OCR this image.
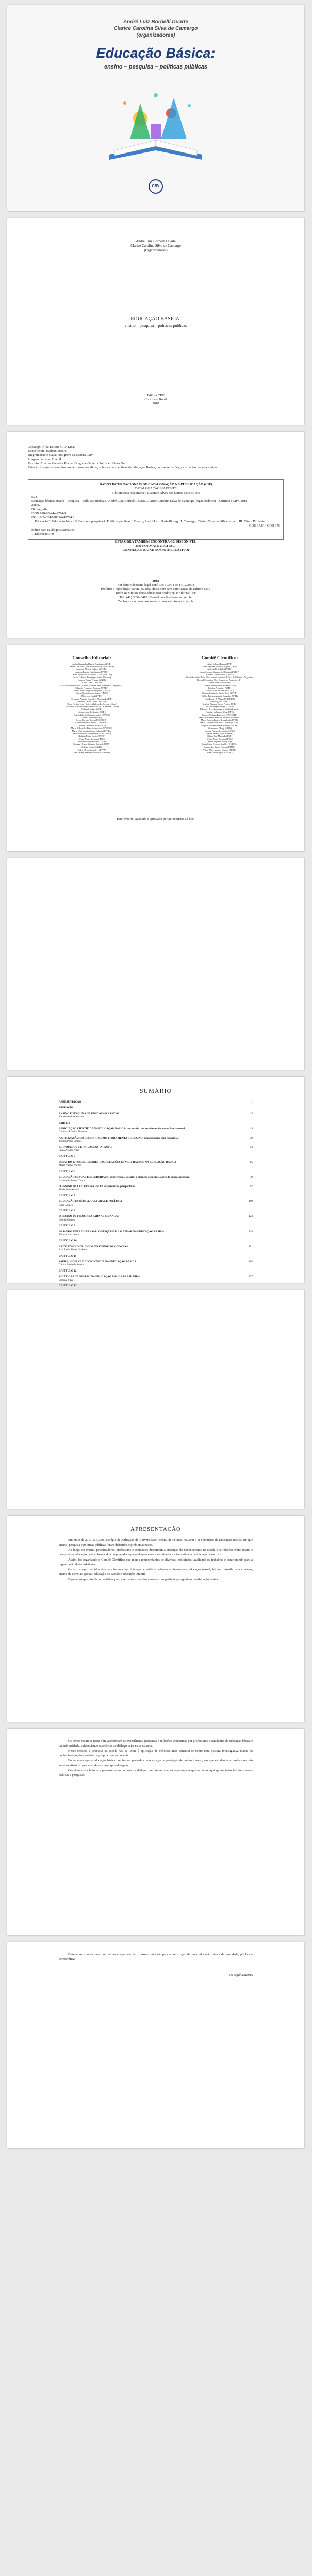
André Luiz Borhelli Duarte
Clarice Carolina Silva de Camargo
(organizadores)
Educação Básica:
ensino – pesquisa – políticas públicas
CRV
André Luiz Borhelli Duarte
Clarice Carolina Silva de Camargo
(Organizadores)
EDUCAÇÃO BÁSICA:
ensino – pesquisa – políticas públicas
Editora CRV
Curitiba – Brasil
2018
Copyright © da Editora CRV Ltda.
Editor-chefe: Railson Moura
Diagramação e Capa: Designers da Editora CRV
Imagem de capa: Freepik
Revisão: Analisa Marcella Rocha, Diego de Oliveira Souza e Helena Geliliz
Estes textos que se combinaram de forma grandiosa, sobre as perspectivas da Educação Básica, com as reflexões, as experiências e pesquisas.
DADOS INTERNACIONAIS DE CATALOGAÇÃO NA PUBLICAÇÃO (CIP)
CATALOGAÇÃO NA FONTE
Bibliotecária responsável: Luzenira Alves dos Santos CRB9/1506
E24
Educação básica: ensino – pesquisa – políticas públicas / André Luiz Borhelli Duarte, Clarice Carolina Silva de Camargo (organizadores) – Curitiba : CRV, 2018.
238 p.
Bibliografia
ISBN 978-85-444-2794-9
DOI 10.24824/978854442794.9
1. Educação 2. Educação básica 3. Ensino – pesquisa 4. Políticas públicas I. Duarte, André Luiz Borhelli. org. II. Camargo, Clarice Carolina Silva de. org. III. Título IV. Série.
CDU 37.014 CDD 370
Índice para catálogo sistemático
1. Educação 370
ESTA OBRA TAMBÉM ENCONTRA-SE DISPONÍVEL
EM FORMATO DIGITAL.
CONHEÇA E BAIXE NOSSO APLICATIVO!
2018
Foi feito o depósito legal conf. Lei 10.994 de 14/12/2004
Proibida a reprodução parcial ou total desta obra sem autorização da Editora CRV
Todos os direitos desta edição reservados pela: Editora CRV
Tel.: (41) 3039-6418 - E-mail: sac@editoracrv.com.br
Conheça os nossos lançamentos: www.editoracrv.com.br
Conselho Editorial:
Aldira Guimarães Duarte Domínguez (UNB)
Andréia da Silva Quintanilha Sousa (UNIR/UFRN)
Anselmo Alencar Colares (UFOPA)
Antônio Pereira Gaio Júnior (UFRRJ)
Carlos Alberto Vilar Estêvão (UMINHO – PT)
Carlos Federico Dominguez Avila (Unieuro)
Carmen Tereza Velanga (UNIR)
Celso Conti (UFSCar)
Cesar Gerónimo Tello (Univer. Nacional Três de Febrero – Argentina)
Eduardo Fernandes Barbosa (UFMG)
Elione Maria Nogueira Diogenes (UFAL)
Elizeu Clementino de Souza (UNEB)
Élsio José Corá (UFFS)
Fernando Antônio Gonçalves Alcoforado (IPB)
Francisco Carlos Duarte (PUC-PR)
Gloria Fariñas León (Universidade de La Havana – Cuba)
Guillermo Arias Beatón (Universidade de La Havana – Cuba)
Helmuth Krüger (UCP)
Jailson Alves dos Santos (UFRJ)
João Adalberto Campato Junior (UNESP)
Josania Portela (UFPI)
Leonel Severo Rocha (UNISINOS)
Lídia de Oliveira Xavier (UNIEURO)
Lourdes Helena da Silva (UFV)
Maria de Lourdes Pinto de Almeida (UNOESC)
Maria Lília Imbiriba Sousa Colares (UFOPA)
Paulo Romualdo Hernandes (UNIFAL-MG)
Rodrigo Pratte-Santos (UFES)
Sérgio Nunes de Jesus (IFRO)
Simone Rodrigues Pinto (UNB)
Solange Helena Ximenes-Rocha (UFOPA)
Sydione Santos (UEPG)
Tadeu Oliver Gonçalves (UFPA)
Tania Suely Azevedo Brasileiro (UFOPA)
Comitê Científico:
Altair Alberto Fávero (UPF)
Ana Chrystina Venancio Mignot (UERJ)
Andréia N. Militão (UEMS)
Anna Augusta Sampaio de Oliveira (UNESP)
Barbara Coelho Neves (UFBA)
Cesar Gerónimo Tello (Universidad Nacional de Três de Febrero – Argentina)
Diosnel Centurion (Univ Americ. de Asunción – Py)
Eliane Rose Maio (UEM)
Elizeu Clementino de Souza (UNEB)
Fauston Negreiros (UFPI)
Francisco Ari de Andrade (UFC)
Gláucia Maria dos Santos Jorge (UFOP)
Helder Buenos Aires de Carvalho (UFPI)
Ilma Passos A. Veiga (UNICEUB)
Inês Bragança (UERJ)
José de Ribamar Sousa Pereira (UCB)
Jussara Fraga Portugal (UNEB)
Kilwangy Kya Kapitango-a-Samba (Unemat)
Lourdes Helena da Silva (UFV)
Marcos Vinicius Francisco (UNOESTE)
Maria de Lourdes Pinto de Almeida (UNOESC)
Maria Eurácia Barreto de Andrade (UFRB)
Maria Lília Imbiriba Sousa Colares (UFOPA)
Míghian Danae Ferreira Nunes (UNILAB)
Mohammed Elhajji (UFRJ)
Mônica Pereira dos Santos (UFRJ)
Najela Tavares Ujiie (UTFPR)
Nilson José Machado (USP)
Sérgio Nunes de Jesus (IFRO)
Silvia Regina Canan (URI)
Sonia Maria Ferreira Koehler (UNISAL)
Suzana dos Santos Gomes (UFMG)
Vânia Alves Martins Chaigar (FURG)
Vera Lucia Gaspar (UDESC)
Este livro foi avaliado e aprovado por pareceristas ad hoc.
SUMÁRIO
APRESENTAÇÃO	11
PREFÁCIO
ENSINO E PESQUISA NA EDUCAÇÃO BÁSICA?	15
Vitoria Andrea Kessler
PARTE 1
A INICIAÇÃO CIENTÍFICA NA EDUCAÇÃO BÁSICA: um estudo com estudantes do ensino fundamental	19
Carolina Ribeiro Pimenta
A UTILIZAÇÃO DO DESENHO COMO FERRAMENTA DE ENSINO: uma pesquisa com estudantes	39
Jéssica Porto Simões
BRINQUEDOS E LINGUAGENS INFANTIS	53
Paula Arauna Yasa
CAPÍTULO 5
DESAFIOS E POSSIBILIDADES DAS RELAÇÕES ÉTNICO-RACIAIS NA EDUCAÇÃO BÁSICA	65
Maria Vargas Vargas
CAPÍTULO 6
EDUCAÇÃO SEXUAL E DIVERSIDADE: experiências, desafios e diálogos com professores da educação básica	79
Larissa de Souza Cabral
O ENSINO DA LEITURA NA ESCOLA: percursos, perspectivas	97
Maria Inês Amaral
CAPÍTULO 7
EDUCAÇÃO ESTÉTICA, CULTURAL E POLÍTICA	109
Elisa Gomes
CAPÍTULO 8
O ENSINO DE FILOSOFIA PARA AS CRIANÇAS	123
Leonel Gomes
CAPÍTULO 9
DESAFIOS ENTRE O PENSAR, O PESQUISAR E O ATUAR NA EDUCAÇÃO BÁSICA	139
Juliano Nascimento
CAPÍTULO 10
A UTILIZAÇÃO DE JOGOS NO ENSINO DE CIÊNCIAS	151
Ana Paula Torres Sorbara
CAPÍTULO 11
SAÚDE, HIGIENE E CONVIVÊNCIA NA EDUCAÇÃO BÁSICA	163
Cássia Luzia de Souza
CAPÍTULO 12
POLÍTICAS DE GESTÃO NA EDUCAÇÃO BÁSICA BRASILEIRA	177
Simone Silva
CAPÍTULO 13
APRESENTAÇÃO

Em maio de 2017, a EDEB, Colégio de Aplicação da Universidade Federal de Pelotas, realizou o II Seminário de Educação Básica, em que ensino, pesquisa e políticas públicas foram debatidos e problematizados.

Ao longo do evento, pesquisadores, professores e estudantes discutiram a produção do conhecimento na escola e as relações entre ensino e pesquisa na educação básica, buscando compreender o papel do professor-pesquisador e a importância da iniciação científica.

Assim, foi organizado o Comitê Científico que reuniu representantes de diversas instituições, avaliando os trabalhos e contribuindo para a organização desta coletânea.

Os textos aqui reunidos abordam temas como iniciação científica, relações étnico-raciais, educação sexual, leitura, filosofia para crianças, ensino de ciências, gestão, educação do campo e educação infantil.

Esperamos que este livro contribua para a reflexão e o aprimoramento das práticas pedagógicas na educação básica.

Os textos reunidos nesta obra apresentam as experiências, pesquisas e reflexões produzidas por professores e estudantes da educação básica e da universidade, evidenciando a potência do diálogo entre estes espaços.

Nesse sentido, a pesquisa na escola não se limita à aplicação de métodos, mas constitui-se como uma postura investigativa diante do conhecimento, do mundo e da própria prática docente.

Entendemos que a educação básica precisa ser pensada como espaço de produção de conhecimento, em que estudantes e professores são sujeitos ativos do processo de ensino e aprendizagem.

Convidamos os leitores a percorrer estas páginas e a dialogar com os autores, na esperança de que as ideias aqui apresentadas inspirem novas práticas e pesquisas.

Desejamos a todos uma boa leitura e que este livro possa contribuir para a construção de uma educação básica de qualidade, pública e democrática.

Os organizadores
